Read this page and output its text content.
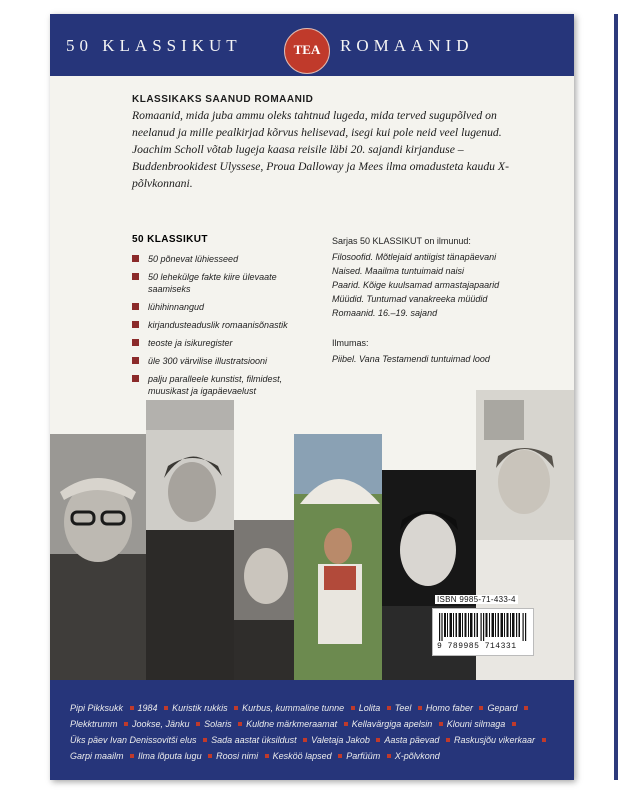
50 KLASSIKUT	TEA	ROMAANID

KLASSIKAKS SAANUD ROMAANID

Romaanid, mida juba ammu oleks tahtnud lugeda, mida terved sugupõlved on neelanud ja mille pealkirjad kõrvus helisevad, isegi kui pole neid veel lugenud. Joachim Scholl võtab lugeja kaasa reisile läbi 20. sajandi kirjanduse – Buddenbrookidest Ulyssese, Proua Dalloway ja Mees ilma omadusteta kaudu X-põlvkonnani.

50 KLASSIKUT

50 põnevat lühiesseed
50 lehekülge fakte kiire ülevaate saamiseks
lühihinnangud
kirjandusteaduslik romaanisõnastik
teoste ja isikuregister
üle 300 värvilise illustratsiooni
palju paralleele kunstist, filmidest, muusikast ja igapäevaelust
Sarjas 50 KLASSIKUT on ilmunud:
Filosoofid. Mõtlejaid antiigist tänapäevani
Naised. Maailma tuntuimaid naisi
Paarid. Kõige kuulsamad armastajapaarid
Müüdid. Tuntumad vanakreeka müüdid
Romaanid. 16.–19. sajand
Ilmumas:
Piibel. Vana Testamendi tuntuimad lood
ISBN 9985-71-433-4
9 789985 714331
Pipi Pikksukk 1984 Kuristik rukkis Kurbus, kummaline tunne Lolita Teel Homo faber Gepard Plekktrumm Jookse, Jänku Solaris Kuldne märkmeraamat Kellavärgiga apelsin Klouni silmaga Üks päev Ivan Denissovitši elus Sada aastat üksildust Valetaja Jakob Aasta päevad Raskusjõu vikerkaar Garpi maailm Ilma lõputa lugu Roosi nimi Kesköö lapsed Parfüüm X-põlvkond
